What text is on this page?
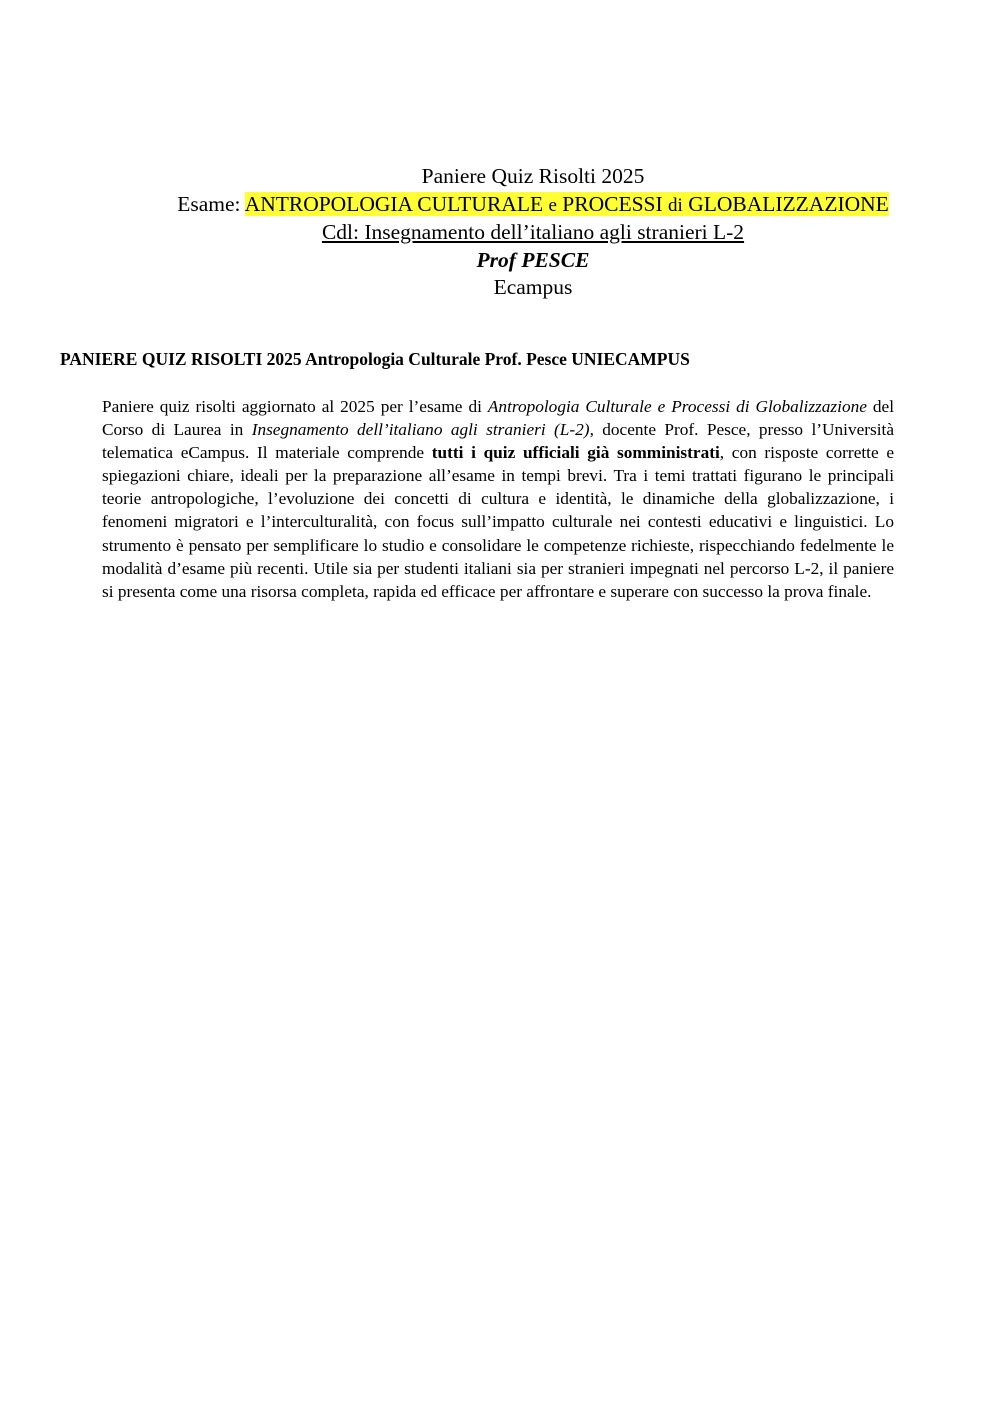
Paniere Quiz Risolti 2025
Esame: ANTROPOLOGIA CULTURALE e PROCESSI di GLOBALIZZAZIONE
Cdl: Insegnamento dell’italiano agli stranieri L-2
Prof PESCE
Ecampus
PANIERE QUIZ RISOLTI 2025 Antropologia Culturale Prof. Pesce UNIECAMPUS
Paniere quiz risolti aggiornato al 2025 per l’esame di Antropologia Culturale e Processi di Globalizzazione del Corso di Laurea in Insegnamento dell’italiano agli stranieri (L-2), docente Prof. Pesce, presso l’Università telematica eCampus. Il materiale comprende tutti i quiz ufficiali già somministrati, con risposte corrette e spiegazioni chiare, ideali per la preparazione all’esame in tempi brevi. Tra i temi trattati figurano le principali teorie antropologiche, l’evoluzione dei concetti di cultura e identità, le dinamiche della globalizzazione, i fenomeni migratori e l’interculturalità, con focus sull’impatto culturale nei contesti educativi e linguistici. Lo strumento è pensato per semplificare lo studio e consolidare le competenze richieste, rispecchiando fedelmente le modalità d’esame più recenti. Utile sia per studenti italiani sia per stranieri impegnati nel percorso L-2, il paniere si presenta come una risorsa completa, rapida ed efficace per affrontare e superare con successo la prova finale.
